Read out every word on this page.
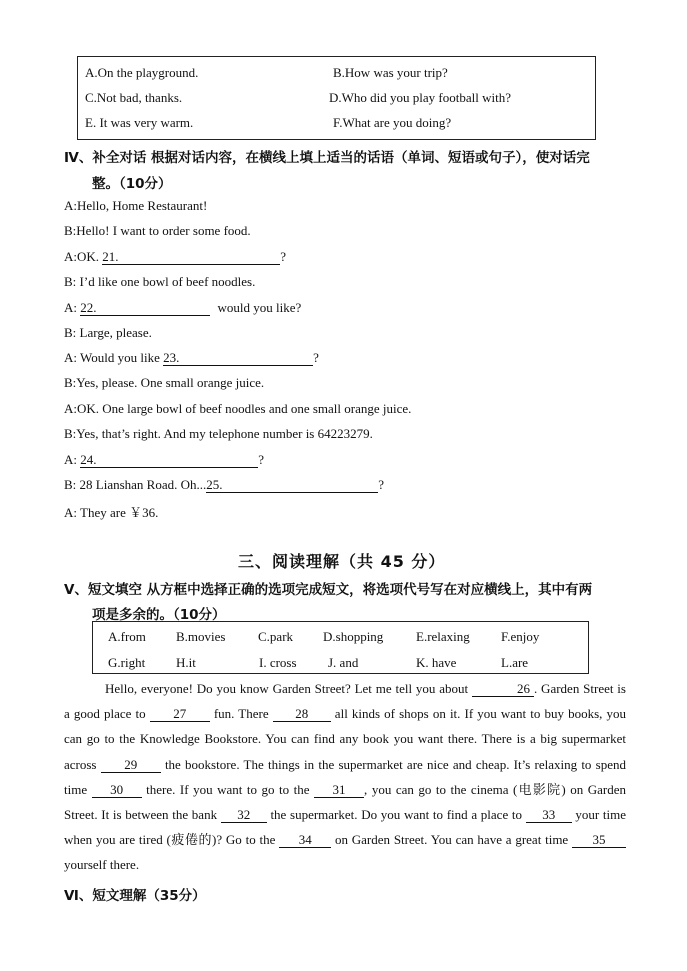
A.On the playground.	B.How was your trip?
C.Not bad, thanks.	D.Who did you play football with?
E. It was very warm.	F.What are you doing?
Ⅳ、补全对话 根据对话内容，在横线上填上适当的话语（单词、短语或句子），使对话完
整。（10分）
A:Hello, Home Restaurant!
B:Hello! I want to order some food.
A:OK. 21.	?
B: I’d like one bowl of beef noodles.
A: 22.	would you like?
B: Large, please.
A: Would you like 23.	?
B:Yes, please. One small orange juice.
A:OK. One large bowl of beef noodles and one small orange juice.
B:Yes, that’s right. And my telephone number is 64223279.
A: 24.	?
B: 28 Lianshan Road. Oh...25.	?
A: They are ￥36.
三、阅读理解（共 45 分）
Ⅴ、短文填空 从方框中选择正确的选项完成短文，将选项代号写在对应横线上，其中有两
项是多余的。（10分）
A.from B.movies	C.park D.shopping	E.relaxing F.enjoy
G.right H.it	I. cross J. and	K. have	L.are
Hello, everyone! Do you know Garden Street? Let me tell you about	26 . Garden Street is a good place to 27 fun. There 28 all kinds of shops on it. If you want to buy books, you can go to the Knowledge Bookstore. You can find any book you want there. There is a big supermarket across 29 the bookstore. The things in the supermarket are nice and cheap. It’s relaxing to spend time 30 there. If you want to go to the 31 , you can go to the cinema (电影院) on Garden Street. It is between the bank 32 the supermarket. Do you want to find a place to 33 your time when you are tired (疲倦的)? Go to the 34 on Garden Street. You can have a great time 35 yourself there.
Ⅵ、短文理解（35分）
